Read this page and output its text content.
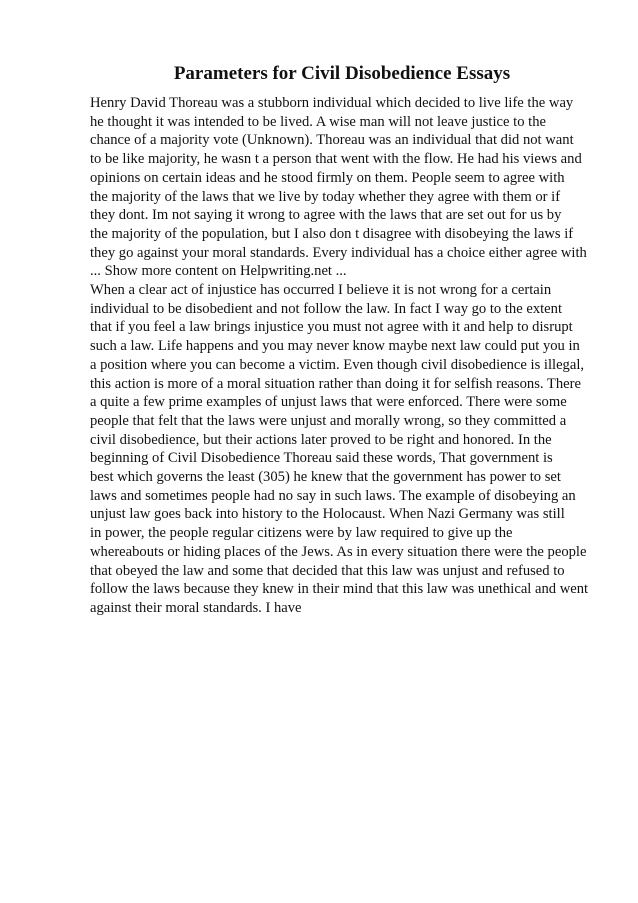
Parameters for Civil Disobedience Essays
Henry David Thoreau was a stubborn individual which decided to live life the way
he thought it was intended to be lived. A wise man will not leave justice to the
chance of a majority vote (Unknown). Thoreau was an individual that did not want
to be like majority, he wasn t a person that went with the flow. He had his views and
opinions on certain ideas and he stood firmly on them. People seem to agree with
the majority of the laws that we live by today whether they agree with them or if
they dont. Im not saying it wrong to agree with the laws that are set out for us by
the majority of the population, but I also don t disagree with disobeying the laws if
they go against your moral standards. Every individual has a choice either agree with
... Show more content on Helpwriting.net ...
When a clear act of injustice has occurred I believe it is not wrong for a certain
individual to be disobedient and not follow the law. In fact I way go to the extent
that if you feel a law brings injustice you must not agree with it and help to disrupt
such a law. Life happens and you may never know maybe next law could put you in
a position where you can become a victim. Even though civil disobedience is illegal,
this action is more of a moral situation rather than doing it for selfish reasons. There
a quite a few prime examples of unjust laws that were enforced. There were some
people that felt that the laws were unjust and morally wrong, so they committed a
civil disobedience, but their actions later proved to be right and honored. In the
beginning of Civil Disobedience Thoreau said these words, That government is
best which governs the least (305) he knew that the government has power to set
laws and sometimes people had no say in such laws. The example of disobeying an
unjust law goes back into history to the Holocaust. When Nazi Germany was still
in power, the people regular citizens were by law required to give up the
whereabouts or hiding places of the Jews. As in every situation there were the people
that obeyed the law and some that decided that this law was unjust and refused to
follow the laws because they knew in their mind that this law was unethical and went
against their moral standards. I have
